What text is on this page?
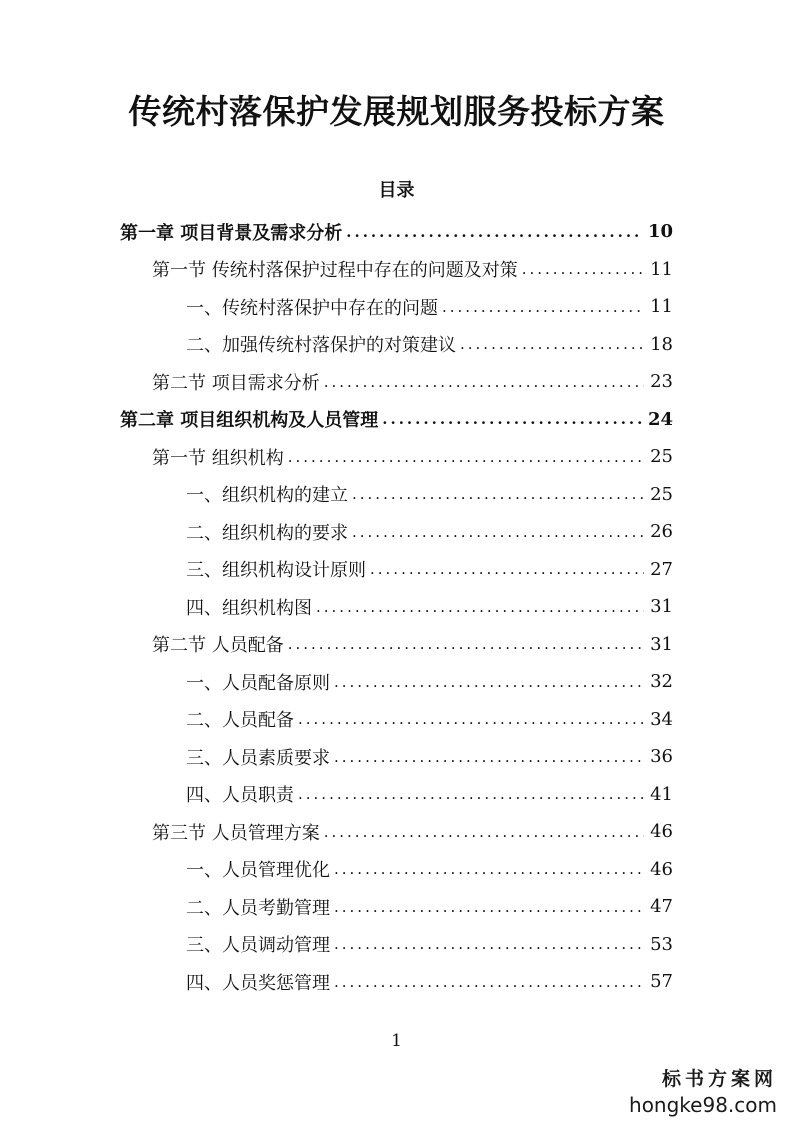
传统村落保护发展规划服务投标方案
目录
第一章 项目背景及需求分析 .....	10
第一节 传统村落保护过程中存在的问题及对策 .....	11
一、传统村落保护中存在的问题 .....	11
二、加强传统村落保护的对策建议 .....	18
第二节 项目需求分析 .....	23
第二章 项目组织机构及人员管理 .....	24
第一节 组织机构 .....	25
一、组织机构的建立 .....	25
二、组织机构的要求 .....	26
三、组织机构设计原则 .....	27
四、组织机构图 .....	31
第二节 人员配备 .....	31
一、人员配备原则 .....	32
二、人员配备 .....	34
三、人员素质要求 .....	36
四、人员职责 .....	41
第三节 人员管理方案 .....	46
一、人员管理优化 .....	46
二、人员考勤管理 .....	47
三、人员调动管理 .....	53
四、人员奖惩管理 .....	57
1
标书方案网
hongke98.com
